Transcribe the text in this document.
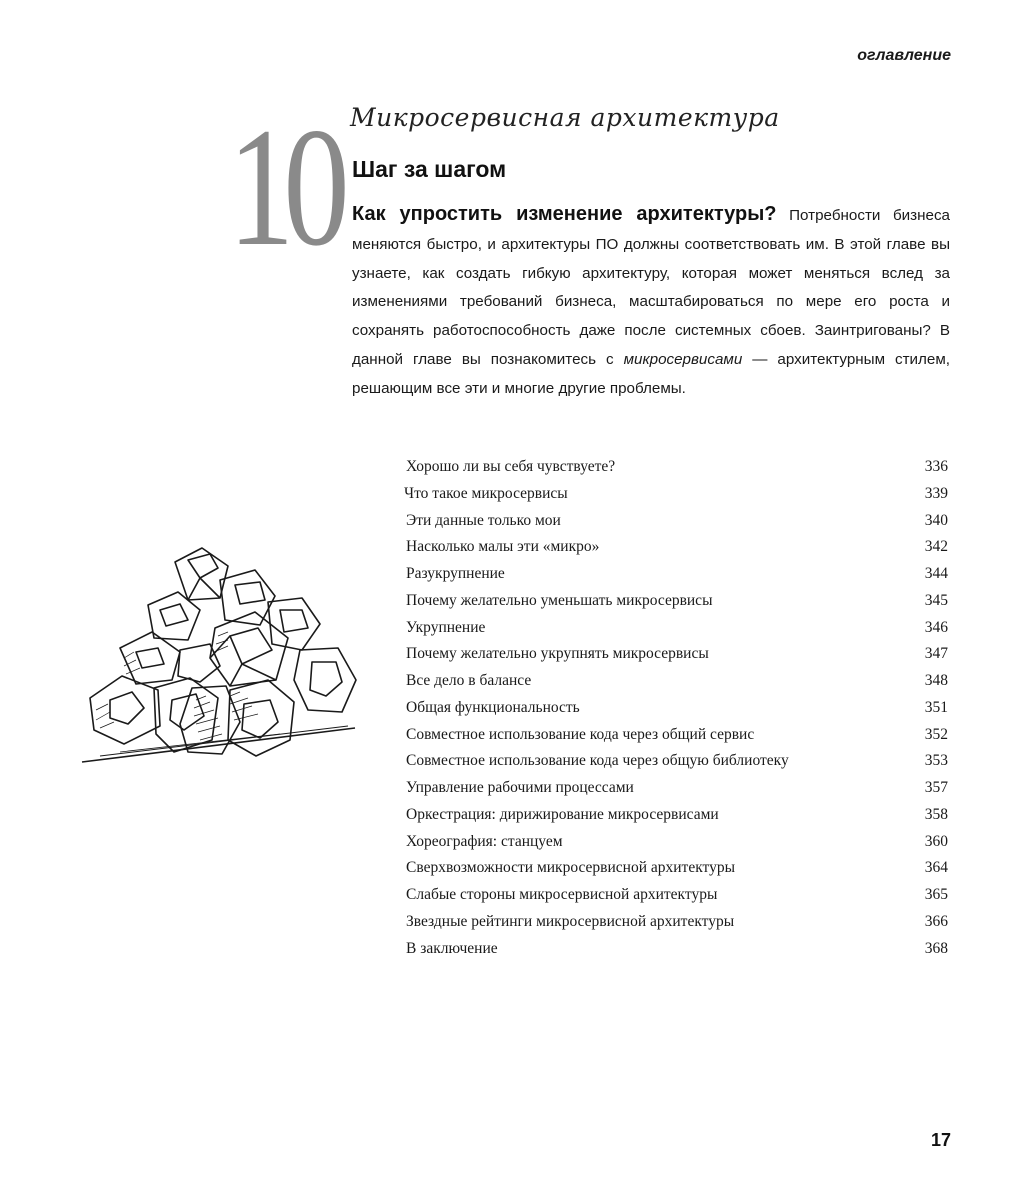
оглавление
10 Микросервисная архитектура
Шаг за шагом
Как упростить изменение архитектуры? Потребности бизнеса меняются быстро, и архитектуры ПО должны соответствовать им. В этой главе вы узнаете, как создать гибкую архитектуру, которая может меняться вслед за изменениями требований бизнеса, масштабироваться по мере его роста и сохранять работоспособность даже после системных сбоев. Заинтригованы? В данной главе вы познакомитесь с микросервисами — архитектурным стилем, решающим все эти и многие другие проблемы.
Хорошо ли вы себя чувствуете?	336
Что такое микросервисы	339
Эти данные только мои	340
Насколько малы эти «микро»	342
Разукрупнение	344
Почему желательно уменьшать микросервисы	345
Укрупнение	346
Почему желательно укрупнять микросервисы	347
Все дело в балансе	348
Общая функциональность	351
Совместное использование кода через общий сервис	352
Совместное использование кода через общую библиотеку	353
Управление рабочими процессами	357
Оркестрация: дирижирование микросервисами	358
Хореография: станцуем	360
Сверхвозможности микросервисной архитектуры	364
Слабые стороны микросервисной архитектуры	365
Звездные рейтинги микросервисной архитектуры	366
В заключение	368
17
